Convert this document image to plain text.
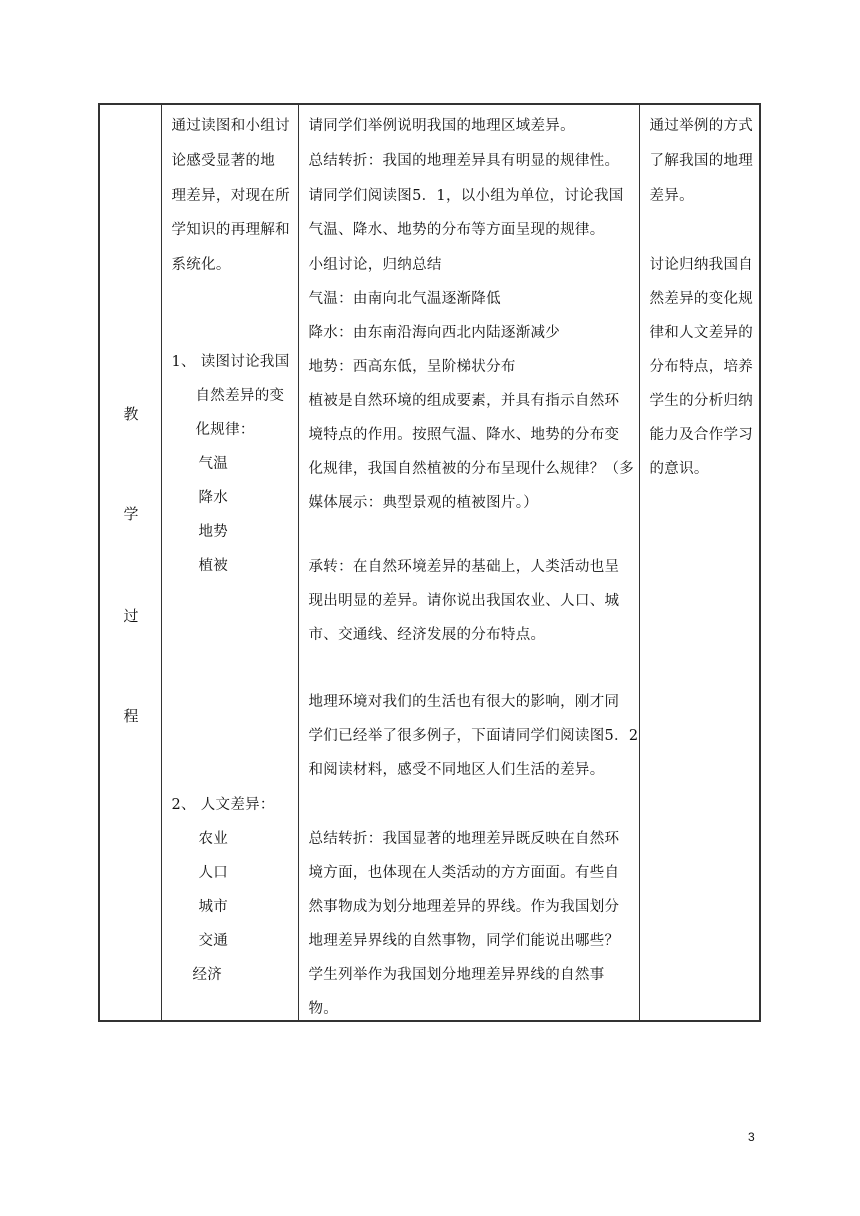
教
学
过
程

通过读图和小组讨
论感受显著的地
理差异，对现在所
学知识的再理解和
系统化。
1、 读图讨论我国
自然差异的变
化规律：
气温
降水
地势
植被
2、 人文差异：
农业
人口
城市
交通
经济

请同学们举例说明我国的地理区域差异。
总结转折：我国的地理差异具有明显的规律性。
请同学们阅读图5．1，以小组为单位，讨论我国
气温、降水、地势的分布等方面呈现的规律。
小组讨论，归纳总结
气温：由南向北气温逐渐降低
降水：由东南沿海向西北内陆逐渐减少
地势：西高东低，呈阶梯状分布
植被是自然环境的组成要素，并具有指示自然环
境特点的作用。按照气温、降水、地势的分布变
化规律，我国自然植被的分布呈现什么规律？（多
媒体展示：典型景观的植被图片。）
承转：在自然环境差异的基础上，人类活动也呈
现出明显的差异。请你说出我国农业、人口、城
市、交通线、经济发展的分布特点。
地理环境对我们的生活也有很大的影响，刚才同
学们已经举了很多例子，下面请同学们阅读图5．2
和阅读材料，感受不同地区人们生活的差异。
总结转折：我国显著的地理差异既反映在自然环
境方面，也体现在人类活动的方方面面。有些自
然事物成为划分地理差异的界线。作为我国划分
地理差异界线的自然事物，同学们能说出哪些？
学生列举作为我国划分地理差异界线的自然事
物。

通过举例的方式
了解我国的地理
差异。
讨论归纳我国自
然差异的变化规
律和人文差异的
分布特点，培养
学生的分析归纳
能力及合作学习
的意识。
3
